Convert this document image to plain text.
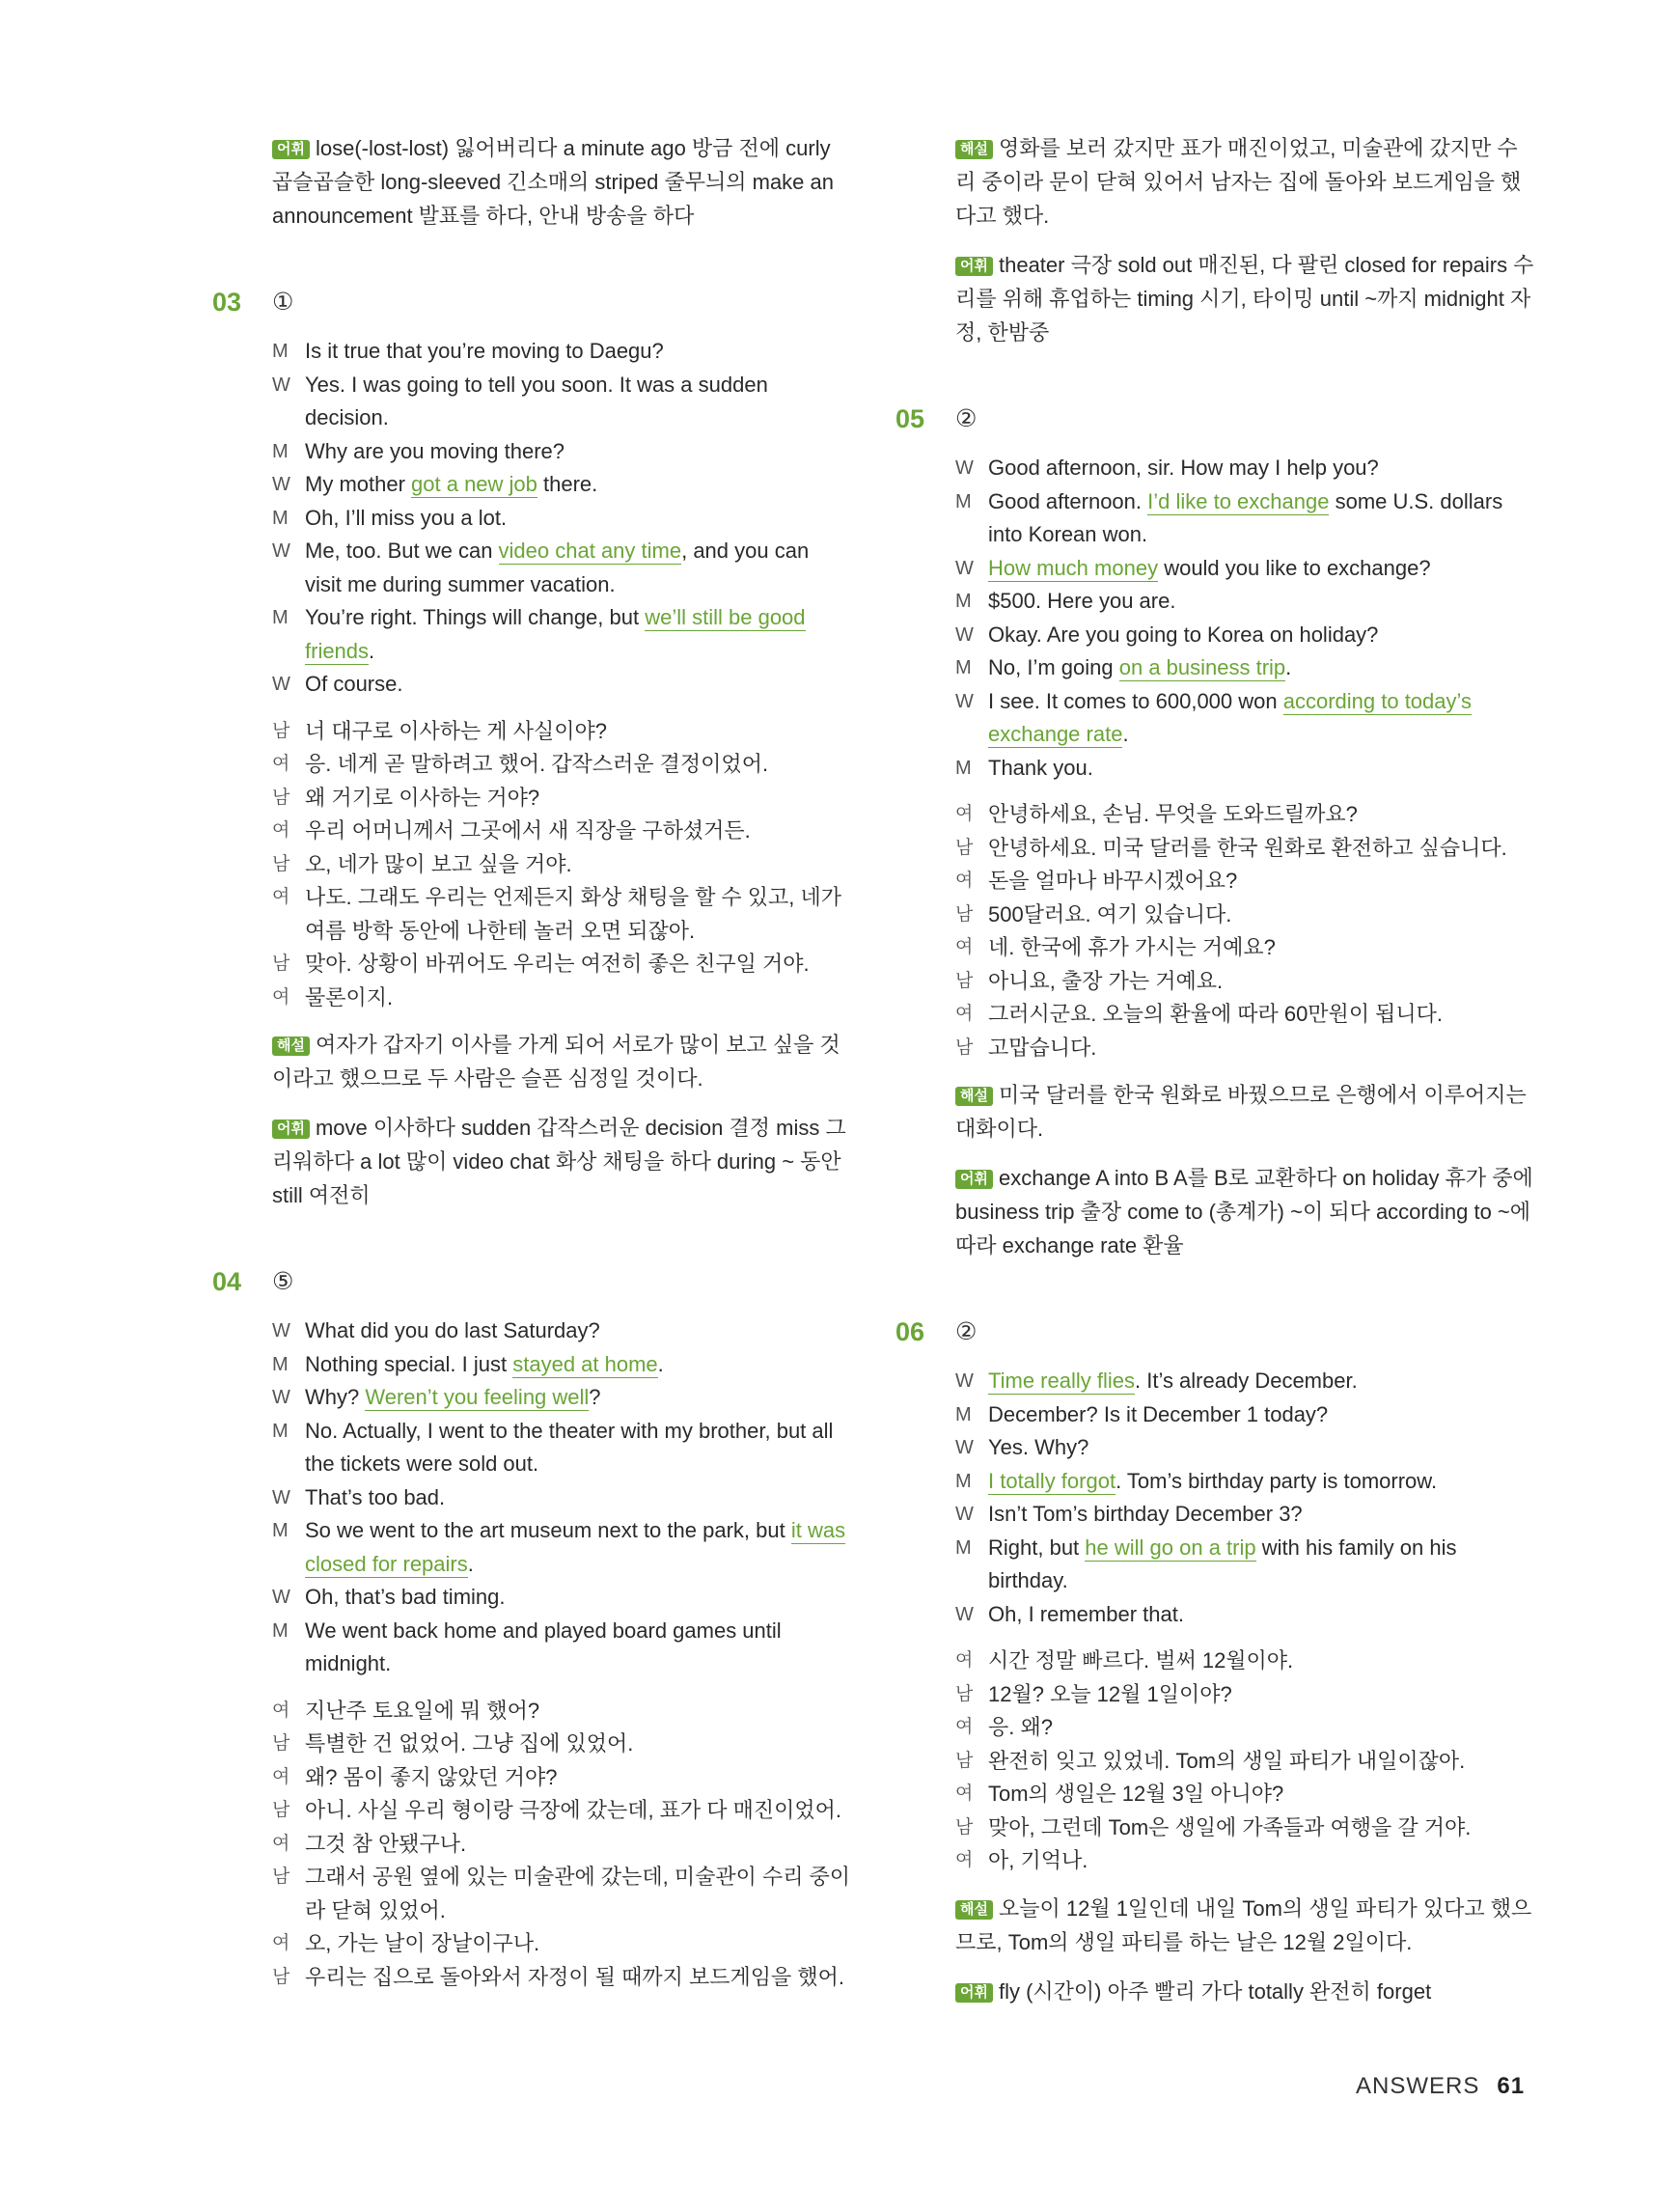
어휘 lose(-lost-lost) 잃어버리다 a minute ago 방금 전에 curly 곱슬곱슬한 long-sleeved 긴소매의 striped 줄무늬의 make an announcement 발표를 하다, 안내 방송을 하다

03	①
M Is it true that you’re moving to Daegu?
W Yes. I was going to tell you soon. It was a sudden decision.
M Why are you moving there?
W My mother got a new job there.
M Oh, I’ll miss you a lot.
W Me, too. But we can video chat any time, and you can visit me during summer vacation.
M You’re right. Things will change, but we’ll still be good friends.
W Of course.
남 너 대구로 이사하는 게 사실이야?
여 응. 네게 곧 말하려고 했어. 갑작스러운 결정이었어.
남 왜 거기로 이사하는 거야?
여 우리 어머니께서 그곳에서 새 직장을 구하셨거든.
남 오, 네가 많이 보고 싶을 거야.
여 나도. 그래도 우리는 언제든지 화상 채팅을 할 수 있고, 네가 여름 방학 동안에 나한테 놀러 오면 되잖아.
남 맞아. 상황이 바뀌어도 우리는 여전히 좋은 친구일 거야.
여 물론이지.

해설 여자가 갑자기 이사를 가게 되어 서로가 많이 보고 싶을 것이라고 했으므로 두 사람은 슬픈 심정일 것이다.

어휘 move 이사하다 sudden 갑작스러운 decision 결정 miss 그리워하다 a lot 많이 video chat 화상 채팅을 하다 during ~ 동안 still 여전히

04	⑤
W What did you do last Saturday?
M Nothing special. I just stayed at home.
W Why? Weren’t you feeling well?
M No. Actually, I went to the theater with my brother, but all the tickets were sold out.
W That’s too bad.
M So we went to the art museum next to the park, but it was closed for repairs.
W Oh, that’s bad timing.
M We went back home and played board games until midnight.
여 지난주 토요일에 뭐 했어?
남 특별한 건 없었어. 그냥 집에 있었어.
여 왜? 몸이 좋지 않았던 거야?
남 아니. 사실 우리 형이랑 극장에 갔는데, 표가 다 매진이었어.
여 그것 참 안됐구나.
남 그래서 공원 옆에 있는 미술관에 갔는데, 미술관이 수리 중이라 닫혀 있었어.
여 오, 가는 날이 장날이구나.
남 우리는 집으로 돌아와서 자정이 될 때까지 보드게임을 했어.

해설 영화를 보러 갔지만 표가 매진이었고, 미술관에 갔지만 수리 중이라 문이 닫혀 있어서 남자는 집에 돌아와 보드게임을 했다고 했다.

어휘 theater 극장 sold out 매진된, 다 팔린 closed for repairs 수리를 위해 휴업하는 timing 시기, 타이밍 until ~까지 midnight 자정, 한밤중

05	②
W Good afternoon, sir. How may I help you?
M Good afternoon. I’d like to exchange some U.S. dollars into Korean won.
W How much money would you like to exchange?
M $500. Here you are.
W Okay. Are you going to Korea on holiday?
M No, I’m going on a business trip.
W I see. It comes to 600,000 won according to today’s exchange rate.
M Thank you.
여 안녕하세요, 손님. 무엇을 도와드릴까요?
남 안녕하세요. 미국 달러를 한국 원화로 환전하고 싶습니다.
여 돈을 얼마나 바꾸시겠어요?
남 500달러요. 여기 있습니다.
여 네. 한국에 휴가 가시는 거예요?
남 아니요, 출장 가는 거예요.
여 그러시군요. 오늘의 환율에 따라 60만원이 됩니다.
남 고맙습니다.

해설 미국 달러를 한국 원화로 바꿨으므로 은행에서 이루어지는 대화이다.

어휘 exchange A into B A를 B로 교환하다 on holiday 휴가 중에 business trip 출장 come to (총계가) ~이 되다 according to ~에 따라 exchange rate 환율

06	②
W Time really flies. It’s already December.
M December? Is it December 1 today?
W Yes. Why?
M I totally forgot. Tom’s birthday party is tomorrow.
W Isn’t Tom’s birthday December 3?
M Right, but he will go on a trip with his family on his birthday.
W Oh, I remember that.
여 시간 정말 빠르다. 벌써 12월이야.
남 12월? 오늘 12월 1일이야?
여 응. 왜?
남 완전히 잊고 있었네. Tom의 생일 파티가 내일이잖아.
여 Tom의 생일은 12월 3일 아니야?
남 맞아, 그런데 Tom은 생일에 가족들과 여행을 갈 거야.
여 아, 기억나.

해설 오늘이 12월 1일인데 내일 Tom의 생일 파티가 있다고 했으므로, Tom의 생일 파티를 하는 날은 12월 2일이다.

어휘 fly (시간이) 아주 빨리 가다 totally 완전히 forget

ANSWERS 61
